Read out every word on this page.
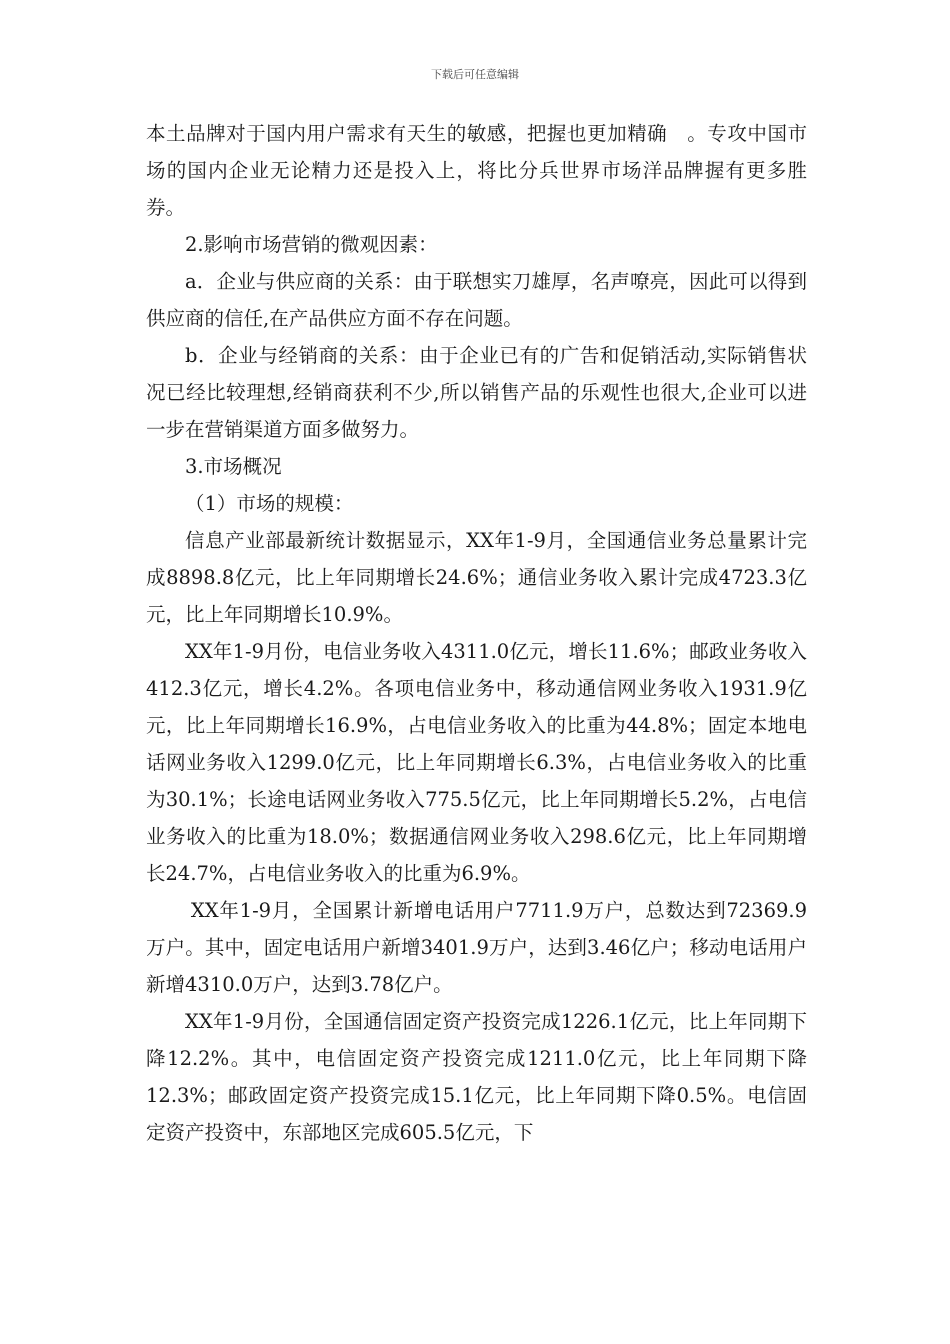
下载后可任意编辑

本土品牌对于国内用户需求有天生的敏感，把握也更加精确　。专攻中国市场的国内企业无论精力还是投入上，将比分兵世界市场洋品牌握有更多胜券。

2.影响市场营销的微观因素：

a．企业与供应商的关系：由于联想实刀雄厚，名声嘹亮，因此可以得到供应商的信任,在产品供应方面不存在问题。

b．企业与经销商的关系：由于企业已有的广告和促销活动,实际销售状况已经比较理想,经销商获利不少,所以销售产品的乐观性也很大,企业可以进一步在营销渠道方面多做努力。

3.市场概况

（1）市场的规模：

信息产业部最新统计数据显示，XX年1-9月，全国通信业务总量累计完成8898.8亿元，比上年同期增长24.6%；通信业务收入累计完成4723.3亿元，比上年同期增长10.9%。

XX年1-9月份，电信业务收入4311.0亿元，增长11.6%；邮政业务收入412.3亿元，增长4.2%。各项电信业务中，移动通信网业务收入1931.9亿元，比上年同期增长16.9%，占电信业务收入的比重为44.8%；固定本地电话网业务收入1299.0亿元，比上年同期增长6.3%，占电信业务收入的比重为30.1%；长途电话网业务收入775.5亿元，比上年同期增长5.2%，占电信业务收入的比重为18.0%；数据通信网业务收入298.6亿元，比上年同期增长24.7%，占电信业务收入的比重为6.9%。

XX年1-9月，全国累计新增电话用户7711.9万户，总数达到72369.9万户。其中，固定电话用户新增3401.9万户，达到3.46亿户；移动电话用户新增4310.0万户，达到3.78亿户。

XX年1-9月份，全国通信固定资产投资完成1226.1亿元，比上年同期下降12.2%。其中，电信固定资产投资完成1211.0亿元，比上年同期下降12.3%；邮政固定资产投资完成15.1亿元，比上年同期下降0.5%。电信固定资产投资中，东部地区完成605.5亿元，下
